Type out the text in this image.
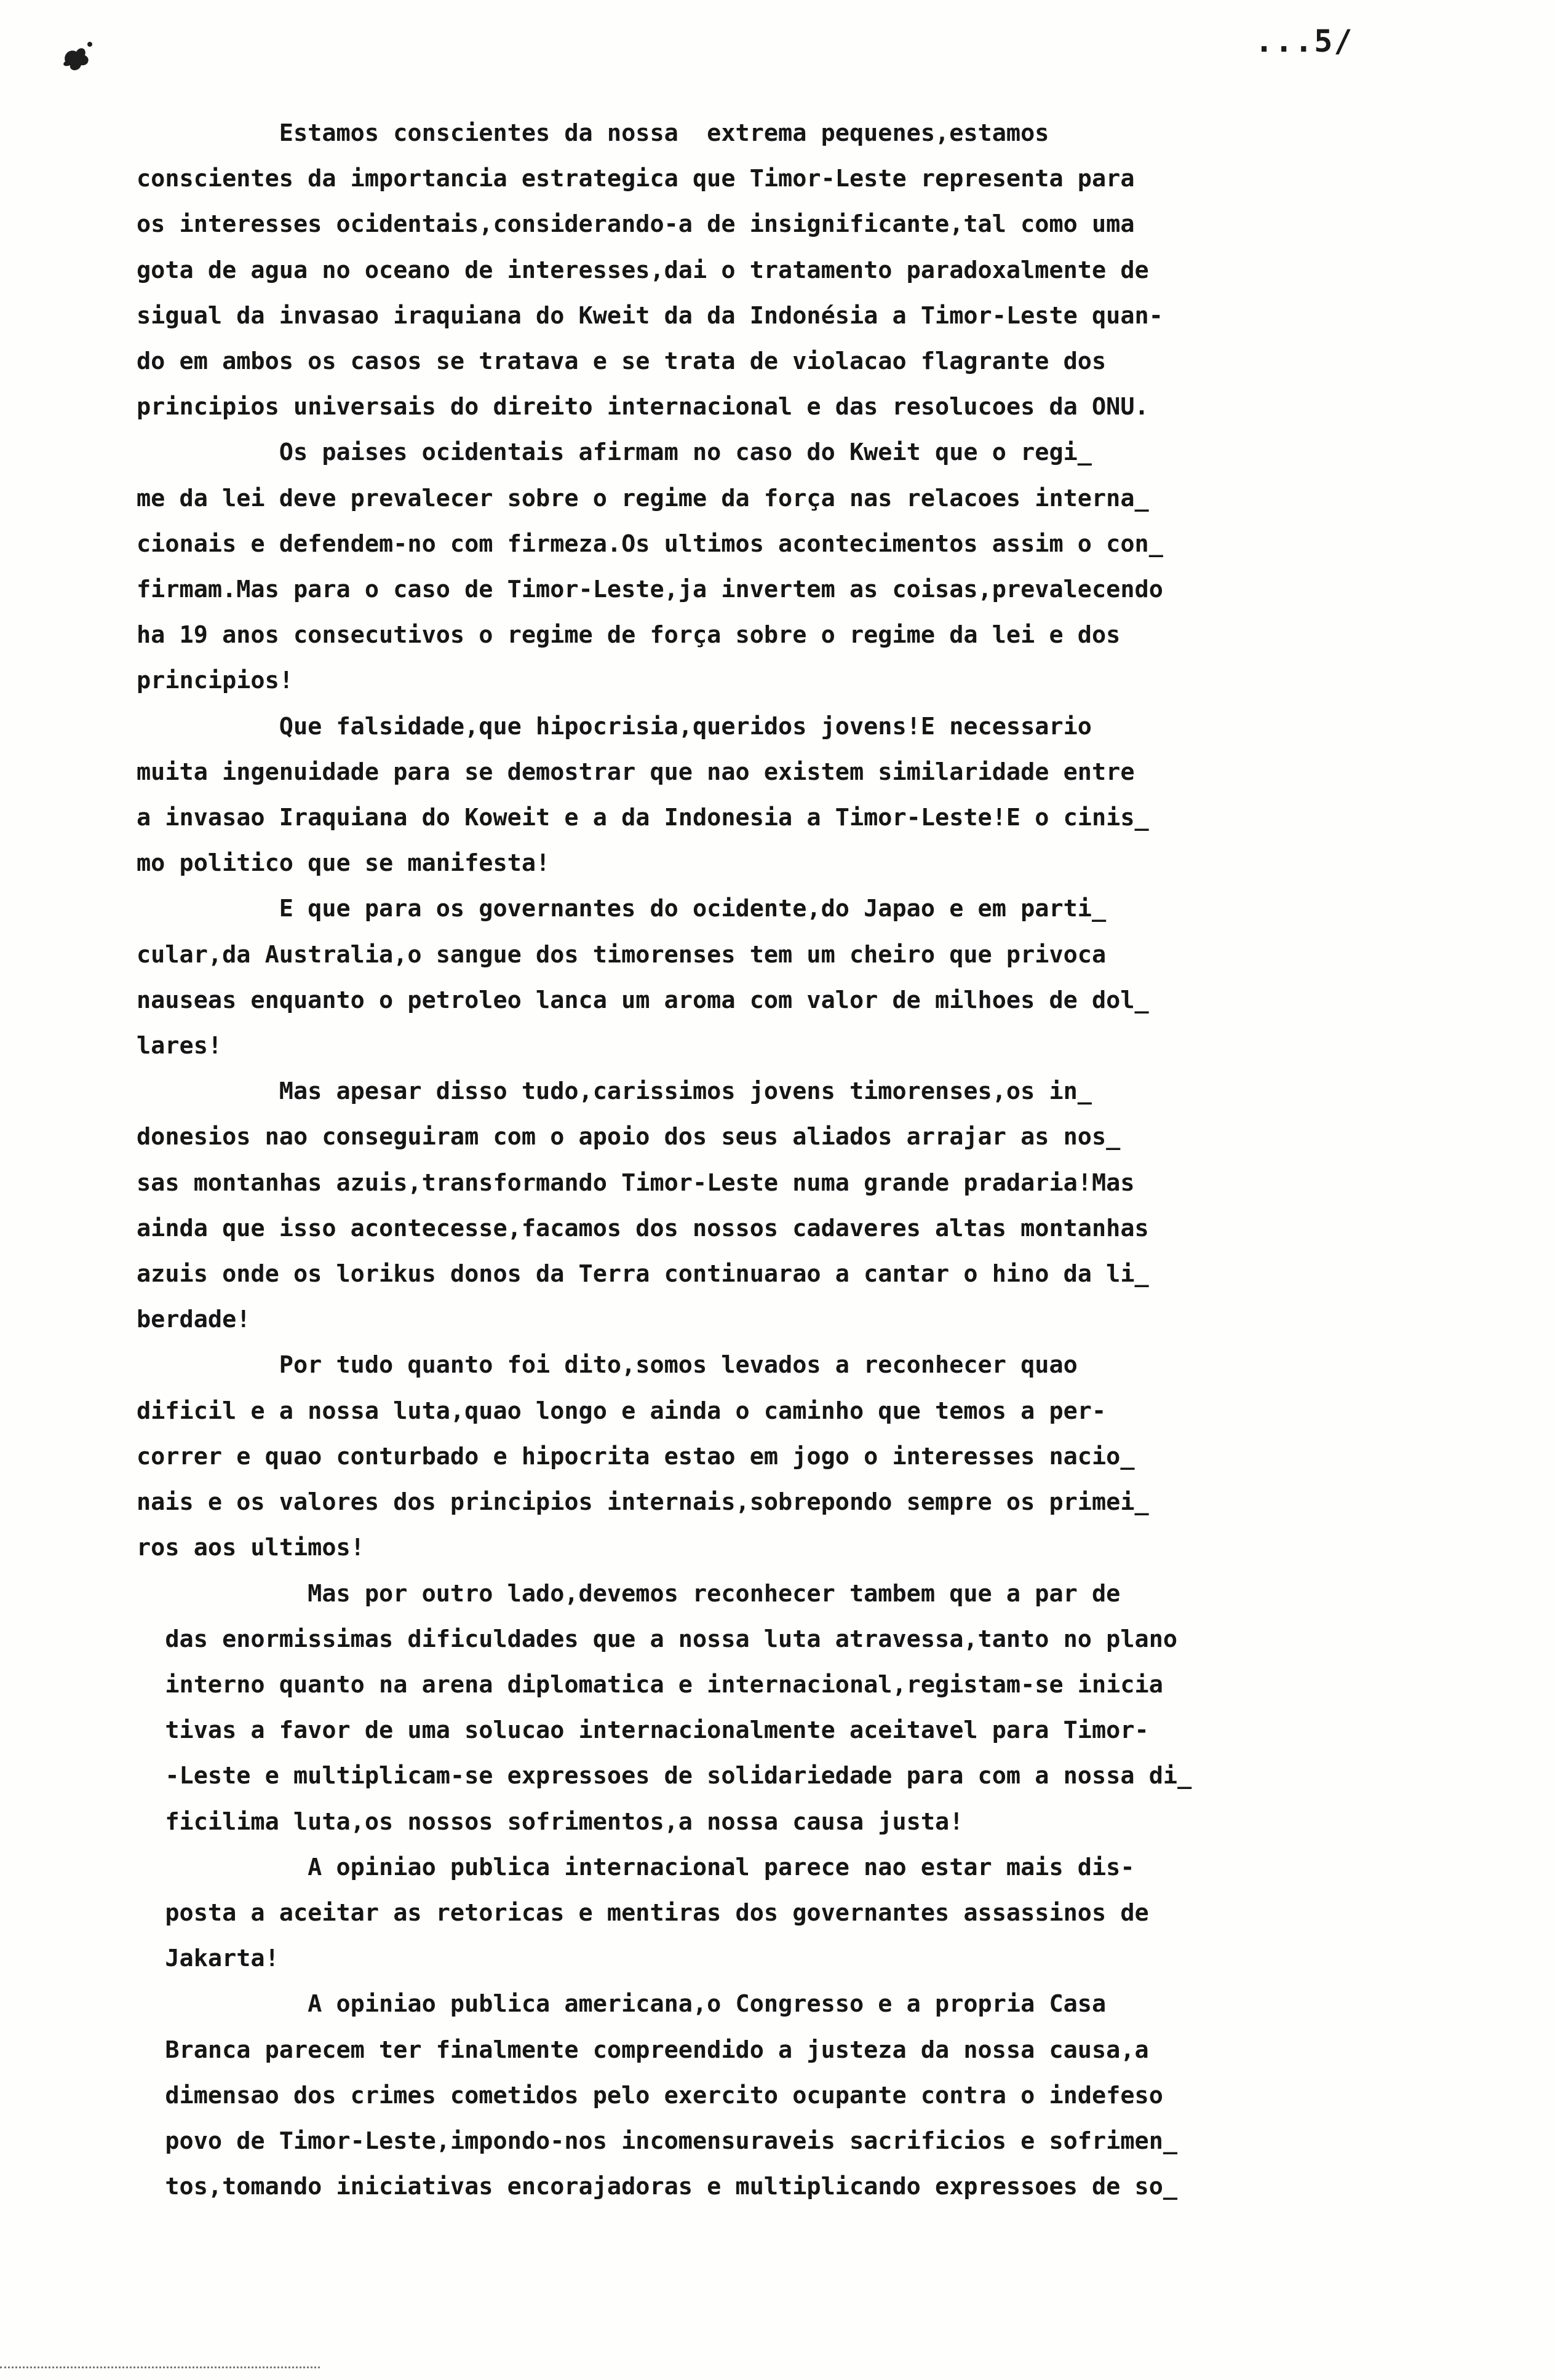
...5/

Estamos conscientes da nossa  extrema pequenes,estamos
conscientes da importancia estrategica que Timor-Leste representa para
os interesses ocidentais,considerando-a de insignificante,tal como uma
gota de agua no oceano de interesses,dai o tratamento paradoxalmente de
sigual da invasao iraquiana do Kweit da da Indonésia a Timor-Leste quan-
do em ambos os casos se tratava e se trata de violacao flagrante dos
principios universais do direito internacional e das resolucoes da ONU.

Os paises ocidentais afirmam no caso do Kweit que o regi_
me da lei deve prevalecer sobre o regime da força nas relacoes interna_
cionais e defendem-no com firmeza.Os ultimos acontecimentos assim o con_
firmam.Mas para o caso de Timor-Leste,ja invertem as coisas,prevalecendo
ha 19 anos consecutivos o regime de força sobre o regime da lei e dos
principios!

Que falsidade,que hipocrisia,queridos jovens!E necessario
muita ingenuidade para se demostrar que nao existem similaridade entre
a invasao Iraquiana do Koweit e a da Indonesia a Timor-Leste!E o cinis_
mo politico que se manifesta!

E que para os governantes do ocidente,do Japao e em parti_
cular,da Australia,o sangue dos timorenses tem um cheiro que privoca
nauseas enquanto o petroleo lanca um aroma com valor de milhoes de dol_
lares!

Mas apesar disso tudo,carissimos jovens timorenses,os in_
donesios nao conseguiram com o apoio dos seus aliados arrajar as nos_
sas montanhas azuis,transformando Timor-Leste numa grande pradaria!Mas
ainda que isso acontecesse,facamos dos nossos cadaveres altas montanhas
azuis onde os lorikus donos da Terra continuarao a cantar o hino da li_
berdade!

Por tudo quanto foi dito,somos levados a reconhecer quao
dificil e a nossa luta,quao longo e ainda o caminho que temos a per-
correr e quao conturbado e hipocrita estao em jogo o interesses nacio_
nais e os valores dos principios internais,sobrepondo sempre os primei_
ros aos ultimos!

Mas por outro lado,devemos reconhecer tambem que a par de
das enormissimas dificuldades que a nossa luta atravessa,tanto no plano
interno quanto na arena diplomatica e internacional,registam-se inicia
tivas a favor de uma solucao internacionalmente aceitavel para Timor-
-Leste e multiplicam-se expressoes de solidariedade para com a nossa di_
ficilima luta,os nossos sofrimentos,a nossa causa justa!

A opiniao publica internacional parece nao estar mais dis-
posta a aceitar as retoricas e mentiras dos governantes assassinos de
Jakarta!

A opiniao publica americana,o Congresso e a propria Casa
Branca parecem ter finalmente compreendido a justeza da nossa causa,a
dimensao dos crimes cometidos pelo exercito ocupante contra o indefeso
povo de Timor-Leste,impondo-nos incomensuraveis sacrificios e sofrimen_
tos,tomando iniciativas encorajadoras e multiplicando expressoes de so_
